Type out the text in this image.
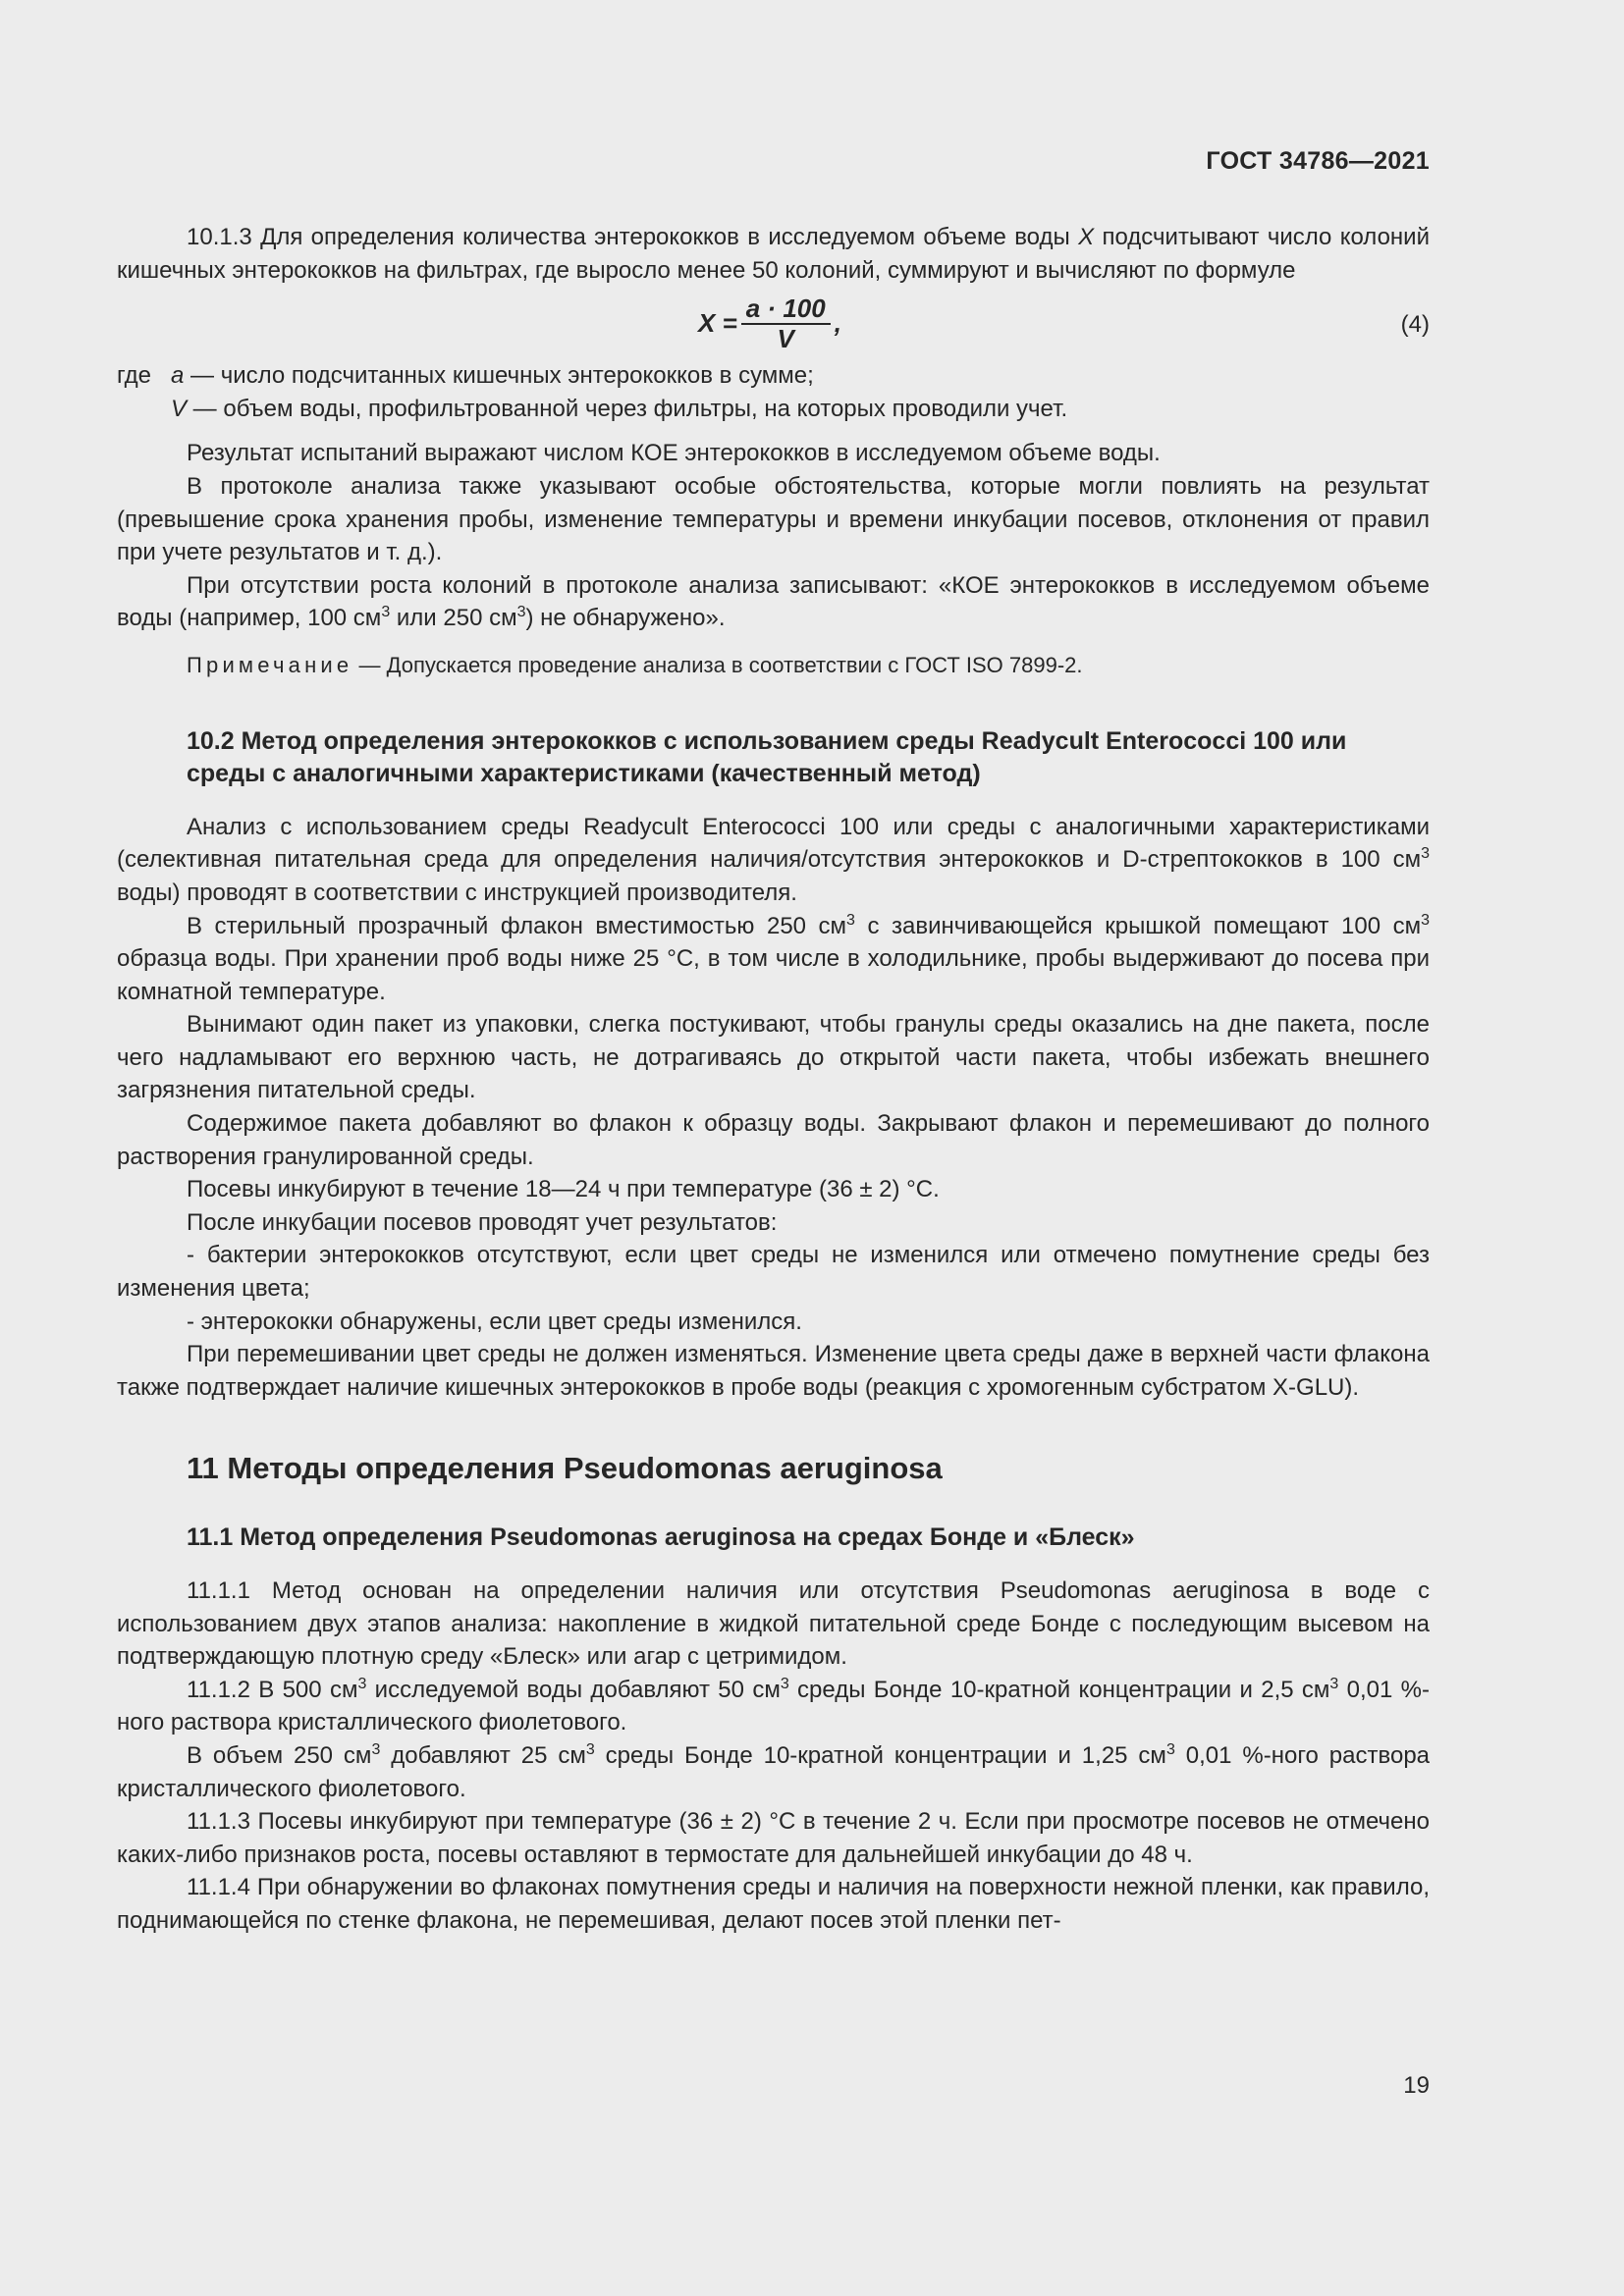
ГОСТ 34786—2021

10.1.3 Для определения количества энтерококков в исследуемом объеме воды X подсчитывают число колоний кишечных энтерококков на фильтрах, где выросло менее 50 колоний, суммируют и вычисляют по формуле

$X = \frac{a \cdot 100}{V}$ ,	(4)
где a — число подсчитанных кишечных энтерококков в сумме;
V — объем воды, профильтрованной через фильтры, на которых проводили учет.

Результат испытаний выражают числом КОЕ энтерококков в исследуемом объеме воды.

В протоколе анализа также указывают особые обстоятельства, которые могли повлиять на результат (превышение срока хранения пробы, изменение температуры и времени инкубации посевов, отклонения от правил при учете результатов и т. д.).

При отсутствии роста колоний в протоколе анализа записывают: «КОЕ энтерококков в исследуемом объеме воды (например, 100 $см^3$ или 250 $см^3$) не обнаружено».

Примечание — Допускается проведение анализа в соответствии с ГОСТ ISO 7899-2.

10.2 Метод определения энтерококков с использованием среды Readycult Enterococci 100 или среды с аналогичными характеристиками (качественный метод)

Анализ с использованием среды Readycult Enterococci 100 или среды с аналогичными характеристиками (селективная питательная среда для определения наличия/отсутствия энтерококков и D-стрептококков в 100 $см^3$ воды) проводят в соответствии с инструкцией производителя.

В стерильный прозрачный флакон вместимостью 250 $см^3$ с завинчивающейся крышкой помещают 100 $см^3$ образца воды. При хранении проб воды ниже 25 °С, в том числе в холодильнике, пробы выдерживают до посева при комнатной температуре.

Вынимают один пакет из упаковки, слегка постукивают, чтобы гранулы среды оказались на дне пакета, после чего надламывают его верхнюю часть, не дотрагиваясь до открытой части пакета, чтобы избежать внешнего загрязнения питательной среды.

Содержимое пакета добавляют во флакон к образцу воды. Закрывают флакон и перемешивают до полного растворения гранулированной среды.

Посевы инкубируют в течение 18—24 ч при температуре (36 ± 2) °С.

После инкубации посевов проводят учет результатов:

- бактерии энтерококков отсутствуют, если цвет среды не изменился или отмечено помутнение среды без изменения цвета;

- энтерококки обнаружены, если цвет среды изменился.

При перемешивании цвет среды не должен изменяться. Изменение цвета среды даже в верхней части флакона также подтверждает наличие кишечных энтерококков в пробе воды (реакция с хромогенным субстратом X-GLU).

11 Методы определения Pseudomonas aeruginosa
11.1 Метод определения Pseudomonas aeruginosa на средах Бонде и «Блеск»

11.1.1 Метод основан на определении наличия или отсутствия Pseudomonas aeruginosa в воде с использованием двух этапов анализа: накопление в жидкой питательной среде Бонде с последующим высевом на подтверждающую плотную среду «Блеск» или агар с цетримидом.

11.1.2 В 500 $см^3$ исследуемой воды добавляют 50 $см^3$ среды Бонде 10-кратной концентрации и 2,5 $см^3$ 0,01 %-ного раствора кристаллического фиолетового.

В объем 250 $см^3$ добавляют 25 $см^3$ среды Бонде 10-кратной концентрации и 1,25 $см^3$ 0,01 %-ного раствора кристаллического фиолетового.

11.1.3 Посевы инкубируют при температуре (36 ± 2) °С в течение 2 ч. Если при просмотре посевов не отмечено каких-либо признаков роста, посевы оставляют в термостате для дальнейшей инкубации до 48 ч.

11.1.4 При обнаружении во флаконах помутнения среды и наличия на поверхности нежной пленки, как правило, поднимающейся по стенке флакона, не перемешивая, делают посев этой пленки пет-

19
